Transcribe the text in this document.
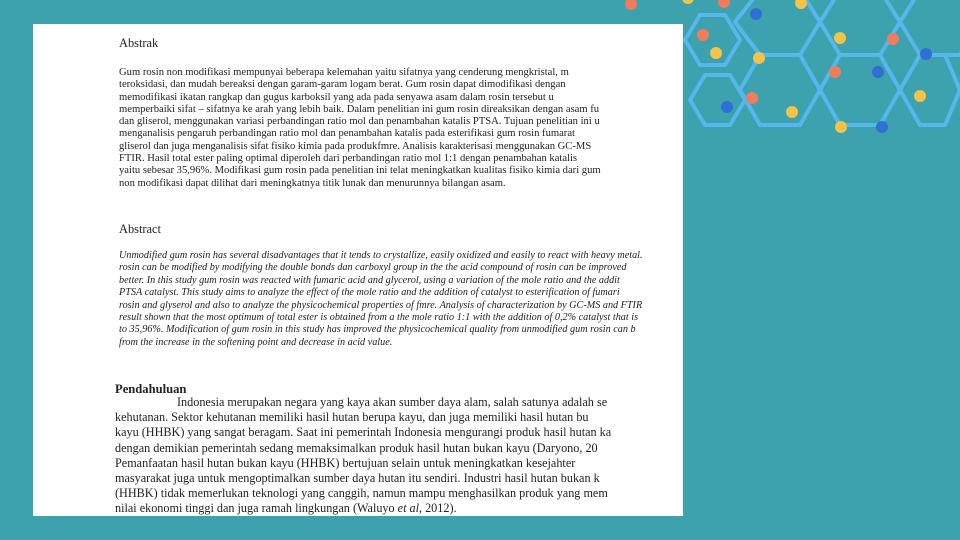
Abstrak
Gum rosin non modifikasi mempunyai beberapa kelemahan yaitu sifatnya yang cenderung mengkristal, m
teroksidasi, dan mudah bereaksi dengan garam-garam logam berat. Gum rosin dapat dimodifikasi dengan
memodifikasi ikatan rangkap dan gugus karboksil yang ada pada senyawa asam dalam rosin tersebut u
memperbaiki sifat – sifatnya ke arah yang lebih baik. Dalam penelitian ini gum rosin direaksikan dengan asam fu
dan gliserol, menggunakan variasi perbandingan ratio mol dan penambahan katalis PTSA. Tujuan penelitian ini u
menganalisis pengaruh perbandingan ratio mol dan penambahan katalis pada esterifikasi gum rosin fumarat
gliserol dan juga menganalisis sifat fisiko kimia pada produkfmre. Analisis karakterisasi menggunakan GC-MS
FTIR. Hasil total ester paling optimal diperoleh dari perbandingan ratio mol 1:1 dengan penambahan katalis
yaitu sebesar 35,96%. Modifikasi gum rosin pada penelitian ini telat meningkatkan kualitas fisiko kimia dari gum
non modifikasi dapat dilihat dari meningkatnya titik lunak dan menurunnya bilangan asam.
Abstract
Unmodified gum rosin has several disadvantages that it tends to crystallize, easily oxidized and easily to react with heavy metal.
rosin can be modified by modifying the double bonds dan carboxyl group in the the acid compound of rosin can be improved
better. In this study gum rosin was reacted with fumaric acid and glycerol, using a variation of the mole ratio and the addit
PTSA catalyst. This study aims to analyze the effect of the mole ratio and the addition of catalyst to esterification of fumari
rosin and glyserol and also to analyze the physicochemical properties of fmre. Analysis of characterization by GC-MS and FTIR
result shown that the most optimum of total ester is obtained from a the mole ratio 1:1 with the addition of 0,2% catalyst that is
to 35,96%. Modification of gum rosin in this study has improved the physicochemical quality from unmodified gum rosin can b
from the increase in the softening point and decrease in acid value.
Pendahuluan
Indonesia merupakan negara yang kaya akan sumber daya alam, salah satunya adalah se
kehutanan. Sektor kehutanan memiliki hasil hutan berupa kayu, dan juga memiliki hasil hutan bu
kayu (HHBK) yang sangat beragam. Saat ini pemerintah Indonesia mengurangi produk hasil hutan ka
dengan demikian pemerintah sedang memaksimalkan produk hasil hutan bukan kayu (Daryono, 20
Pemanfaatan hasil hutan bukan kayu (HHBK) bertujuan selain untuk meningkatkan kesejahter
masyarakat juga untuk mengoptimalkan sumber daya hutan itu sendiri. Industri hasil hutan bukan k
(HHBK) tidak memerlukan teknologi yang canggih, namun mampu menghasilkan produk yang mem
nilai ekonomi tinggi dan juga ramah lingkungan (Waluyo et al, 2012).
